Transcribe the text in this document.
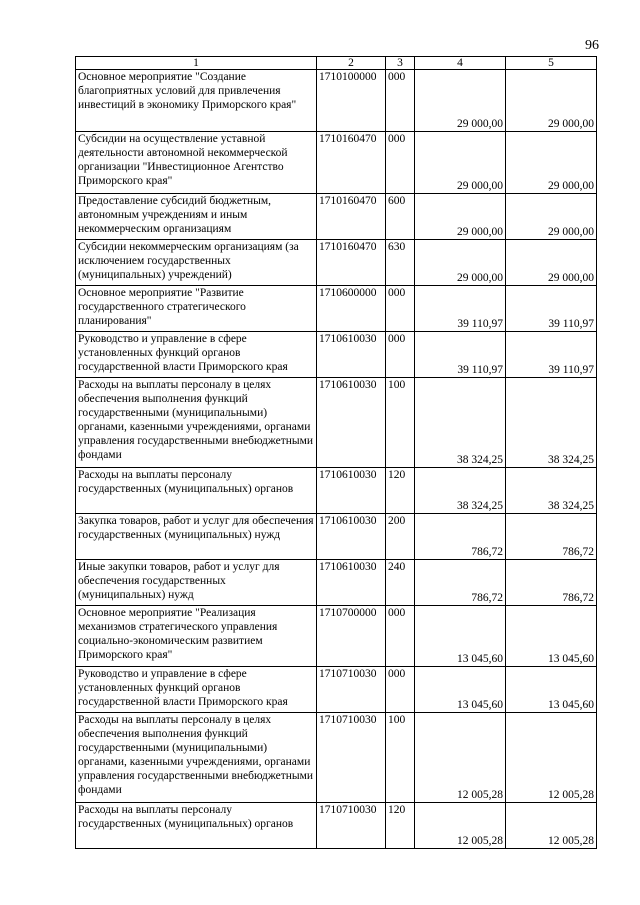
96
1	2	3	4	5
Основное мероприятие "Создание благоприятных условий для привлечения инвестиций в экономику Приморского края"	1710100000	000	29 000,00	29 000,00
Субсидии на осуществление уставной деятельности автономной некоммерческой организации "Инвестиционное Агентство Приморского края"	1710160470	000	29 000,00	29 000,00
Предоставление субсидий бюджетным, автономным учреждениям и иным некоммерческим организациям	1710160470	600	29 000,00	29 000,00
Субсидии некоммерческим организациям (за исключением государственных (муниципальных) учреждений)	1710160470	630	29 000,00	29 000,00
Основное мероприятие "Развитие государственного стратегического планирования"	1710600000	000	39 110,97	39 110,97
Руководство и управление в сфере установленных функций органов государственной власти Приморского края	1710610030	000	39 110,97	39 110,97
Расходы на выплаты персоналу в целях обеспечения выполнения функций государственными (муниципальными) органами, казенными учреждениями, органами управления государственными внебюджетными фондами	1710610030	100	38 324,25	38 324,25
Расходы на выплаты персоналу государственных (муниципальных) органов	1710610030	120	38 324,25	38 324,25
Закупка товаров, работ и услуг для обеспечения государственных (муниципальных) нужд	1710610030	200	786,72	786,72
Иные закупки товаров, работ и услуг для обеспечения государственных (муниципальных) нужд	1710610030	240	786,72	786,72
Основное мероприятие "Реализация механизмов стратегического управления социально-экономическим развитием Приморского края"	1710700000	000	13 045,60	13 045,60
Руководство и управление в сфере установленных функций органов государственной власти Приморского края	1710710030	000	13 045,60	13 045,60
Расходы на выплаты персоналу в целях обеспечения выполнения функций государственными (муниципальными) органами, казенными учреждениями, органами управления государственными внебюджетными фондами	1710710030	100	12 005,28	12 005,28
Расходы на выплаты персоналу государственных (муниципальных) органов	1710710030	120	12 005,28	12 005,28
